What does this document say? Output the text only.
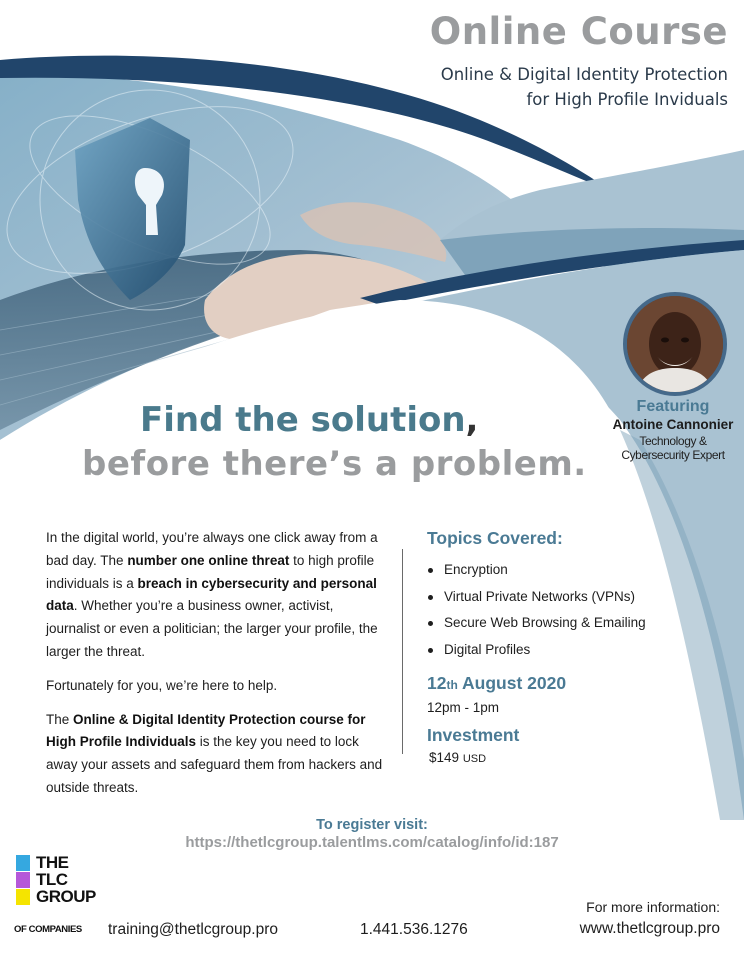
Online Course
Online & Digital Identity Protection
for High Profile Inviduals
Featuring
Antoine Cannonier
Technology &
Cybersecurity Expert
Find the solution,
before there’s a problem.

In the digital world, you’re always one click away from a bad day. The number one online threat to high profile individuals is a breach in cybersecurity and personal data. Whether you’re a business owner, activist, journalist or even a politician; the larger your profile, the larger the threat.

Fortunately for you, we’re here to help.

The Online & Digital Identity Protection course for High Profile Individuals is the key you need to lock away your assets and safeguard them from hackers and outside threats.

Topics Covered:
Encryption
Virtual Private Networks (VPNs)
Secure Web Browsing & Emailing
Digital Profiles
12th August 2020
12pm - 1pm
Investment
$149 USD
To register visit:
https://thetlcgroup.talentlms.com/catalog/info/id:187
THE
TLC
GROUP
OF COMPANIES training@thetlcgroup.pro	1.441.536.1276
For more information:
www.thetlcgroup.pro
